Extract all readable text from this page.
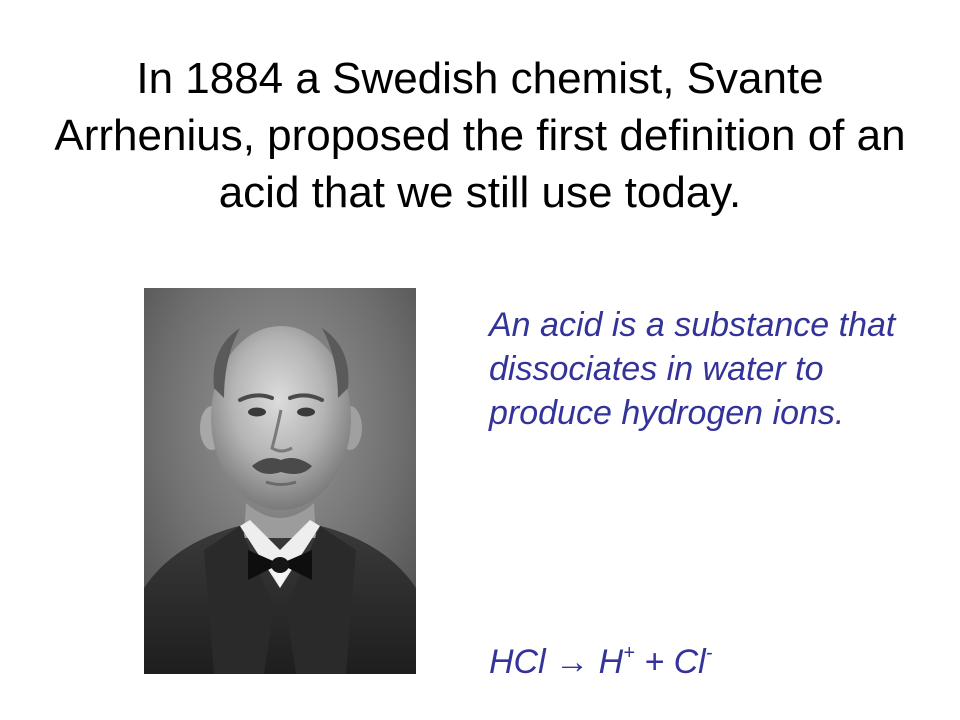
In 1884 a Swedish chemist, Svante Arrhenius, proposed the first definition of an acid that we still use today.

An acid is a substance that dissociates in water to produce hydrogen ions.

HCl → H+ + Cl-
